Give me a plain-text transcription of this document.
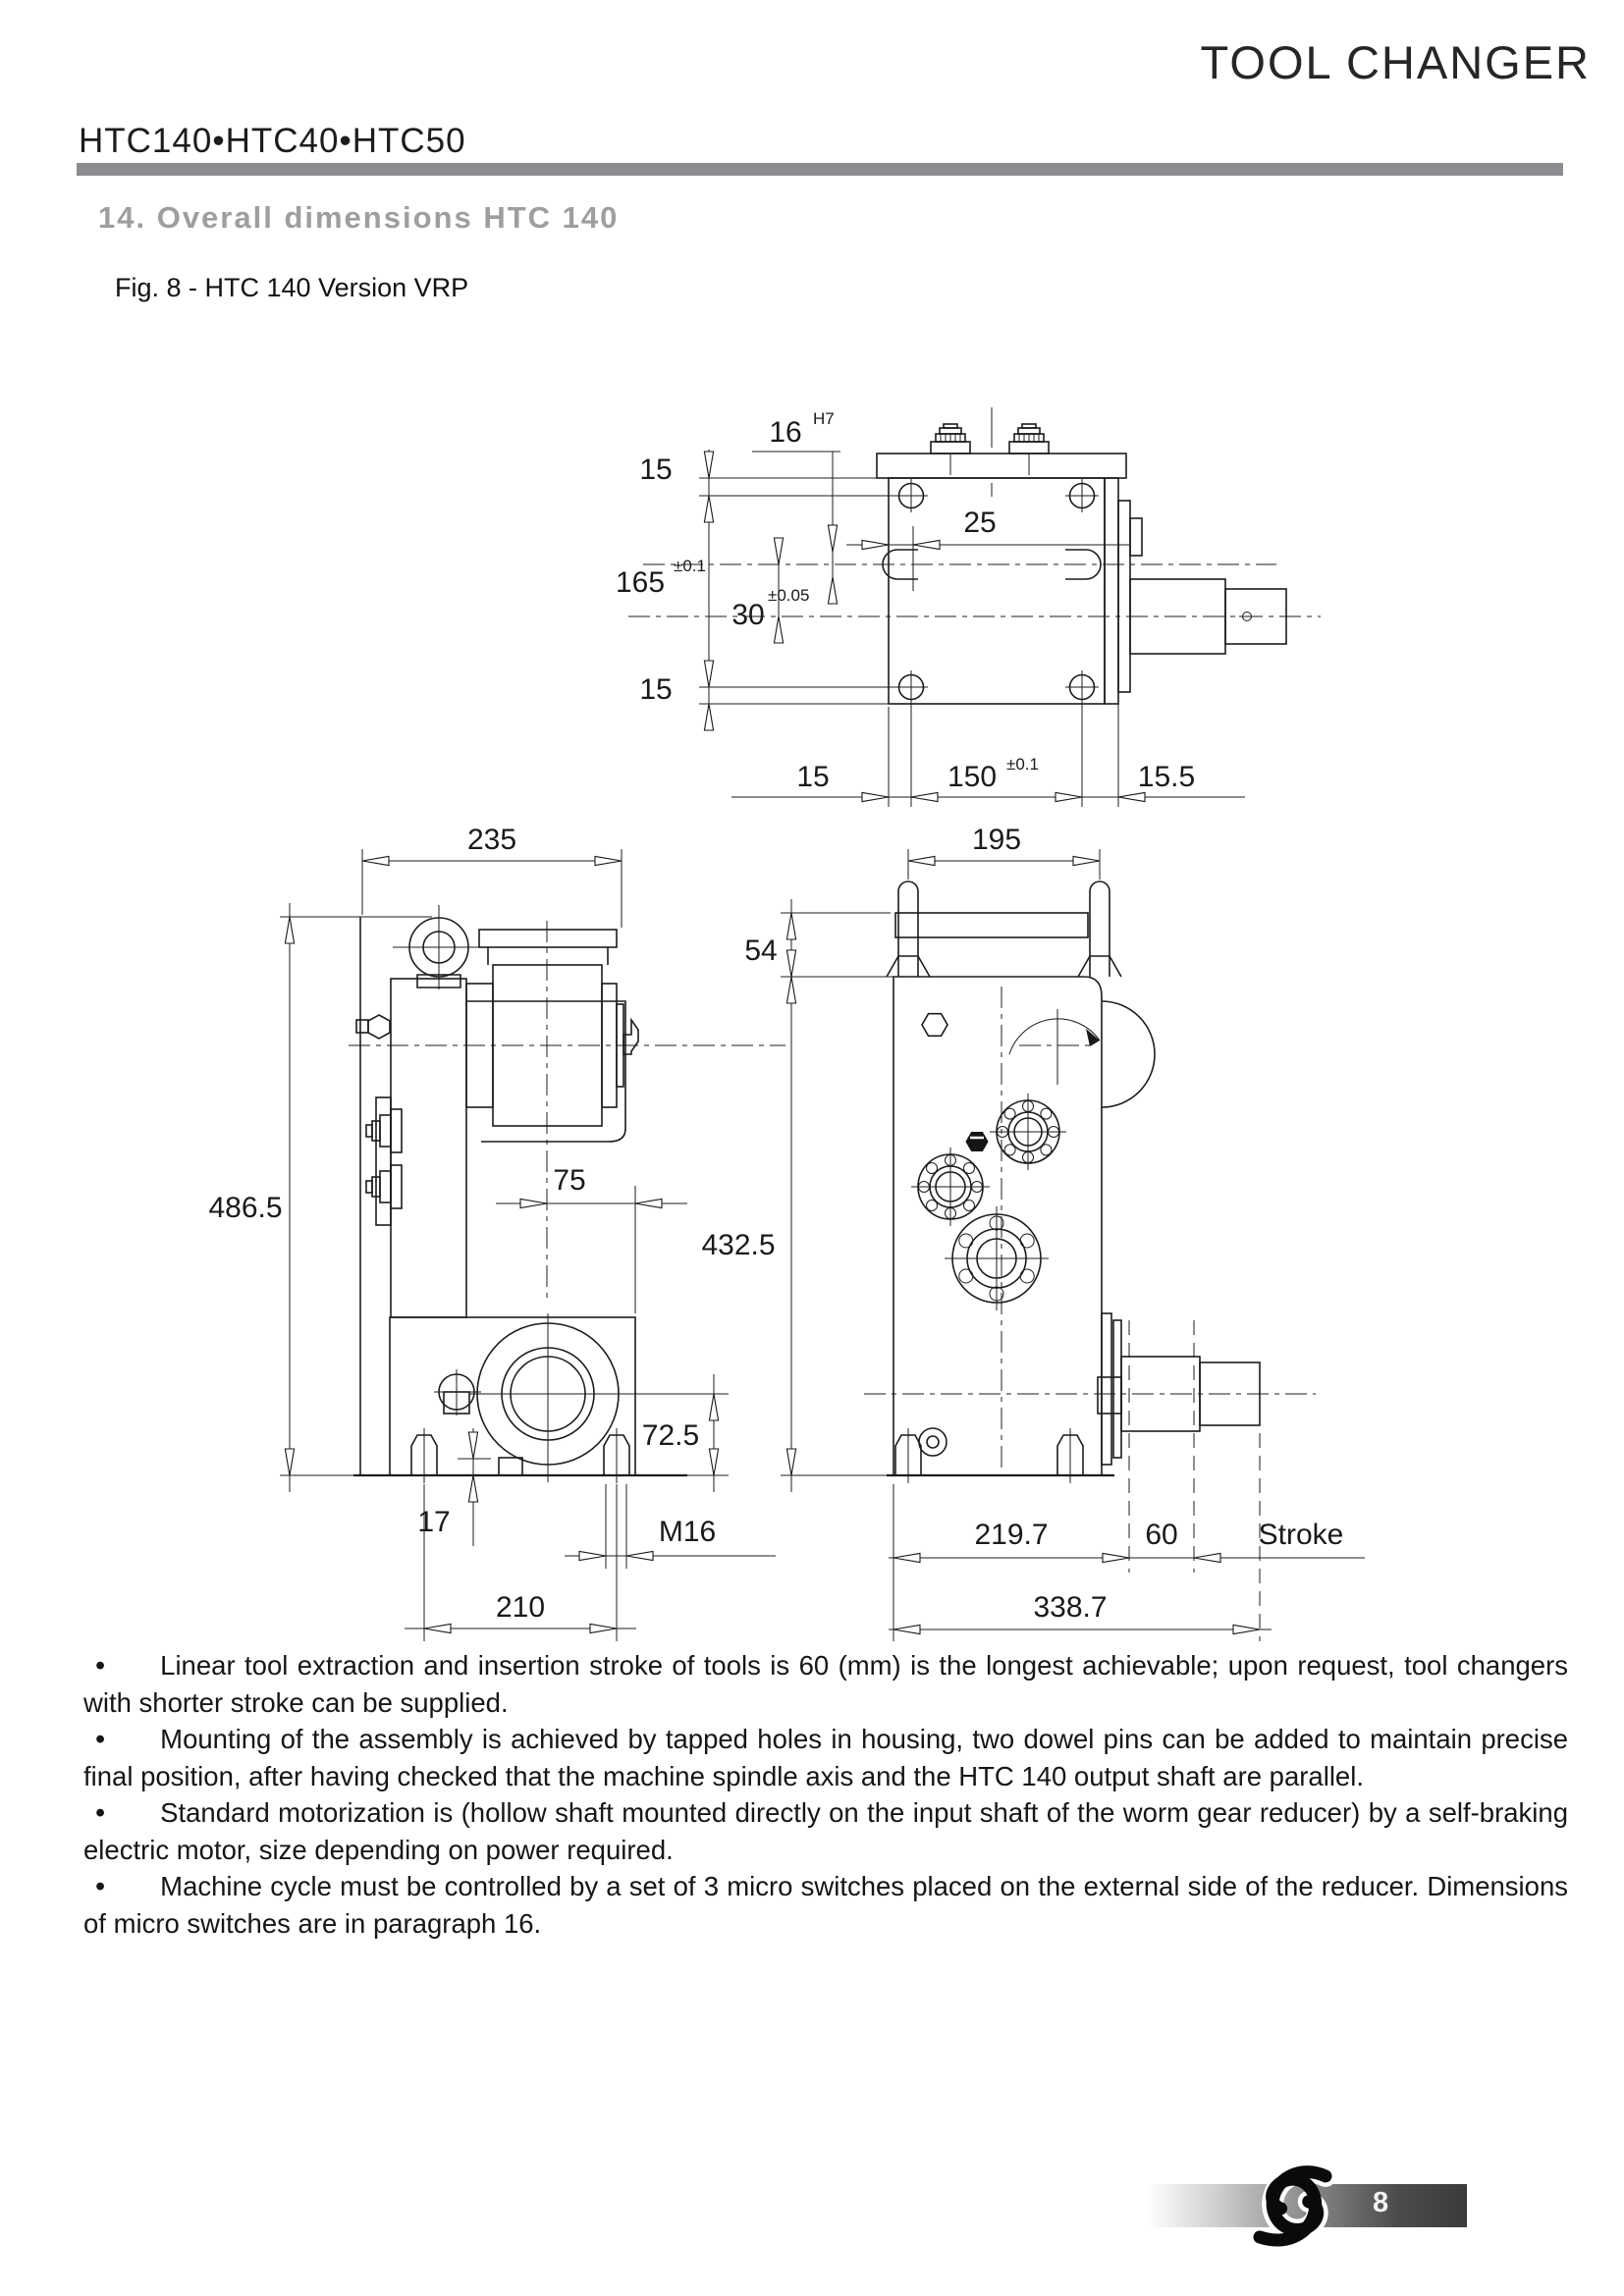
TOOL CHANGER
HTC140•HTC40•HTC50
14. Overall dimensions HTC 140
Fig. 8 - HTC 140 Version VRP
15
165
±0.1
15
16 H7
30
±0.05
25
15	150 ±0.1	15.5
235
486.5
75
72.5
17	M16
210
195
54
432.5
219.7	60	Stroke
338.7

• Linear tool extraction and insertion stroke of tools is 60 (mm) is the longest achievable; upon request, tool changers with shorter stroke can be supplied.

• Mounting of the assembly is achieved by tapped holes in housing, two dowel pins can be added to maintain precise final position, after having checked that the machine spindle axis and the HTC 140 output shaft are parallel.

• Standard motorization is (hollow shaft mounted directly on the input shaft of the worm gear reducer) by a self-braking electric motor, size depending on power required.

• Machine cycle must be controlled by a set of 3 micro switches placed on the external side of the reducer. Dimensions of micro switches are in paragraph 16.

8
